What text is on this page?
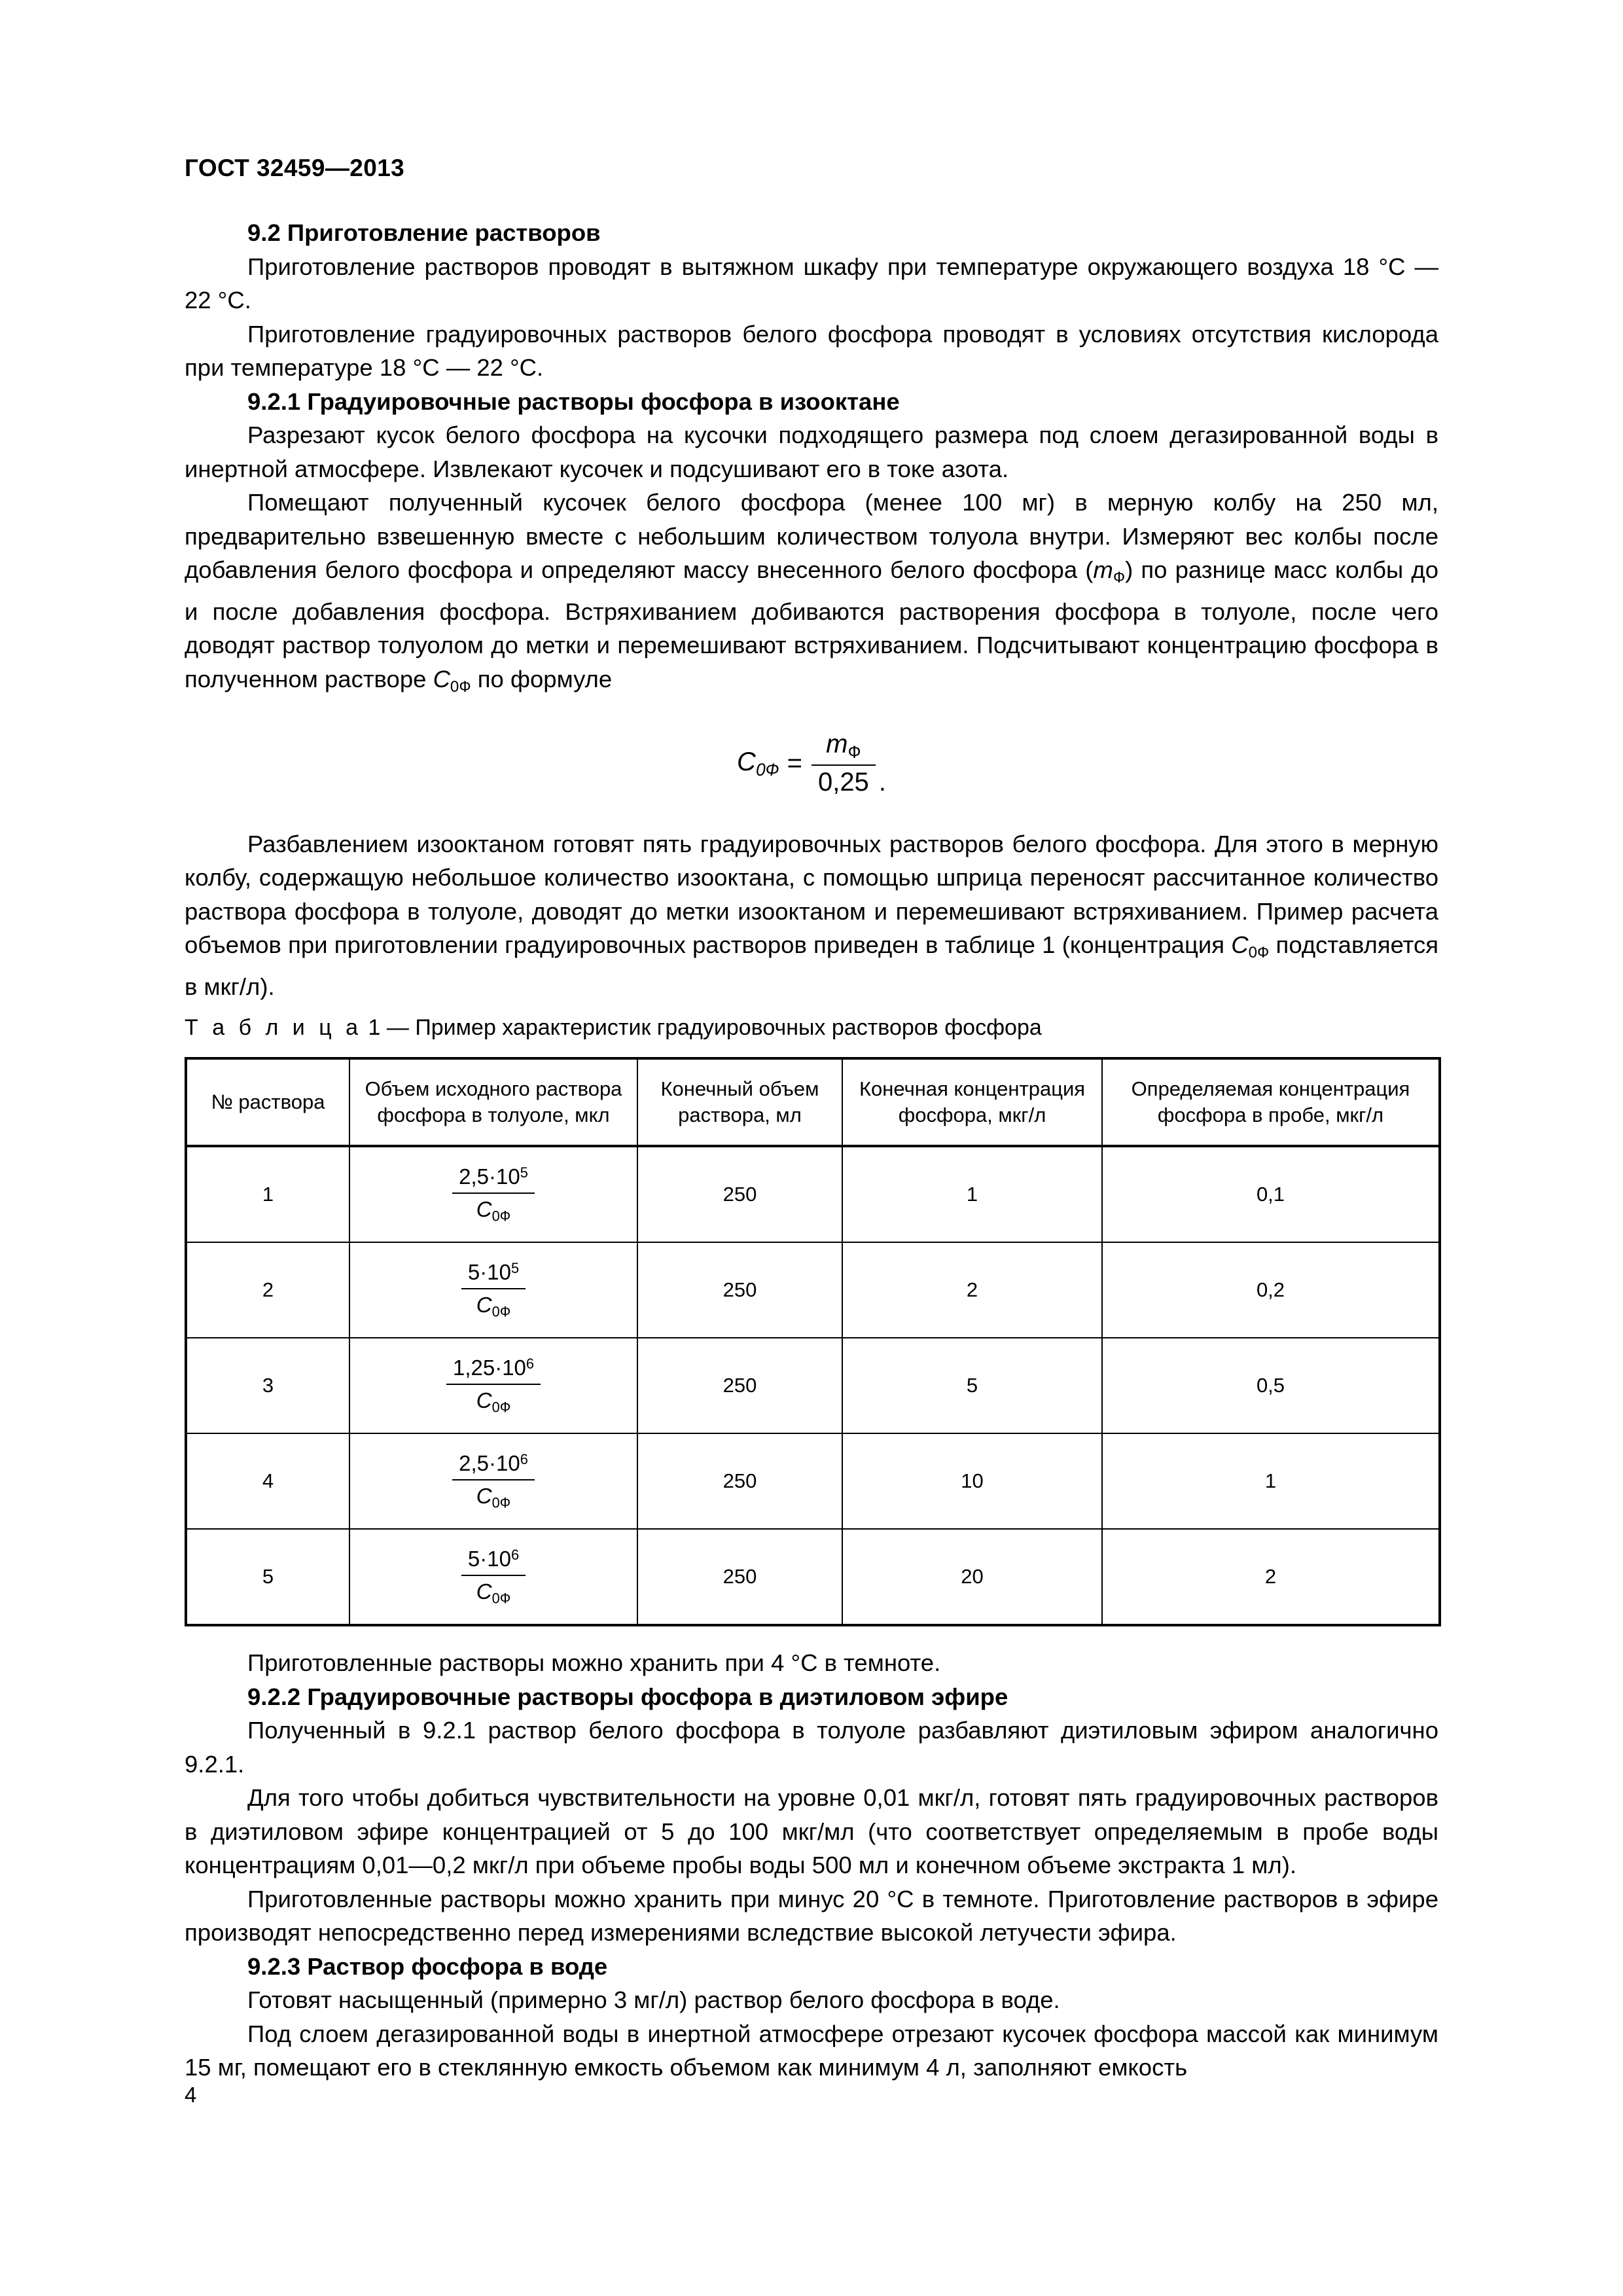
ГОСТ 32459—2013
9.2 Приготовление растворов

Приготовление растворов проводят в вытяжном шкафу при температуре окружающего воздуха 18 °C — 22 °C.

Приготовление градуировочных растворов белого фосфора проводят в условиях отсутствия кислорода при температуре 18 °C — 22 °C.

9.2.1 Градуировочные растворы фосфора в изооктане

Разрезают кусок белого фосфора на кусочки подходящего размера под слоем дегазированной воды в инертной атмосфере. Извлекают кусочек и подсушивают его в токе азота.

Помещают полученный кусочек белого фосфора (менее 100 мг) в мерную колбу на 250 мл, предварительно взвешенную вместе с небольшим количеством толуола внутри. Измеряют вес колбы после добавления белого фосфора и определяют массу внесенного белого фосфора $(m_Ф)$ по разнице масс колбы до и после добавления фосфора. Встряхиванием добиваются растворения фосфора в толуоле, после чего доводят раствор толуолом до метки и перемешивают встряхиванием. Подсчитывают концентрацию фосфора в полученном растворе $C_{0Ф}$ по формуле

$C_{0Ф} = \frac{m_Ф}{0,25}$ .

Разбавлением изооктаном готовят пять градуировочных растворов белого фосфора. Для этого в мерную колбу, содержащую небольшое количество изооктана, с помощью шприца переносят рассчитанное количество раствора фосфора в толуоле, доводят до метки изооктаном и перемешивают встряхиванием. Пример расчета объемов при приготовлении градуировочных растворов приведен в таблице 1 (концентрация $C_{0Ф}$ подставляется в мкг/л).

Т а б л и ц а 1 — Пример характеристик градуировочных растворов фосфора

№ раствора	Объем исходного раствора фосфора в толуоле, мкл	Конечный объем раствора, мл	Конечная концентрация фосфора, мкг/л	Определяемая концентрация фосфора в пробе, мкг/л
1	$\frac{2,5\cdot 10^5}{C_{0Ф}}$	250	1	0,1
2	$\frac{5\cdot 10^5}{C_{0Ф}}$	250	2	0,2
3	$\frac{1,25\cdot 10^6}{C_{0Ф}}$	250	5	0,5
4	$\frac{2,5\cdot 10^6}{C_{0Ф}}$	250	10	1
5	$\frac{5\cdot 10^6}{C_{0Ф}}$	250	20	2

Приготовленные растворы можно хранить при 4 °C в темноте.

9.2.2 Градуировочные растворы фосфора в диэтиловом эфире

Полученный в 9.2.1 раствор белого фосфора в толуоле разбавляют диэтиловым эфиром аналогично 9.2.1.

Для того чтобы добиться чувствительности на уровне 0,01 мкг/л, готовят пять градуировочных растворов в диэтиловом эфире концентрацией от 5 до 100 мкг/мл (что соответствует определяемым в пробе воды концентрациям 0,01—0,2 мкг/л при объеме пробы воды 500 мл и конечном объеме экстракта 1 мл).

Приготовленные растворы можно хранить при минус 20 °C в темноте. Приготовление растворов в эфире производят непосредственно перед измерениями вследствие высокой летучести эфира.

9.2.3 Раствор фосфора в воде

Готовят насыщенный (примерно 3 мг/л) раствор белого фосфора в воде.

Под слоем дегазированной воды в инертной атмосфере отрезают кусочек фосфора массой как минимум 15 мг, помещают его в стеклянную емкость объемом как минимум 4 л, заполняют емкость

4
